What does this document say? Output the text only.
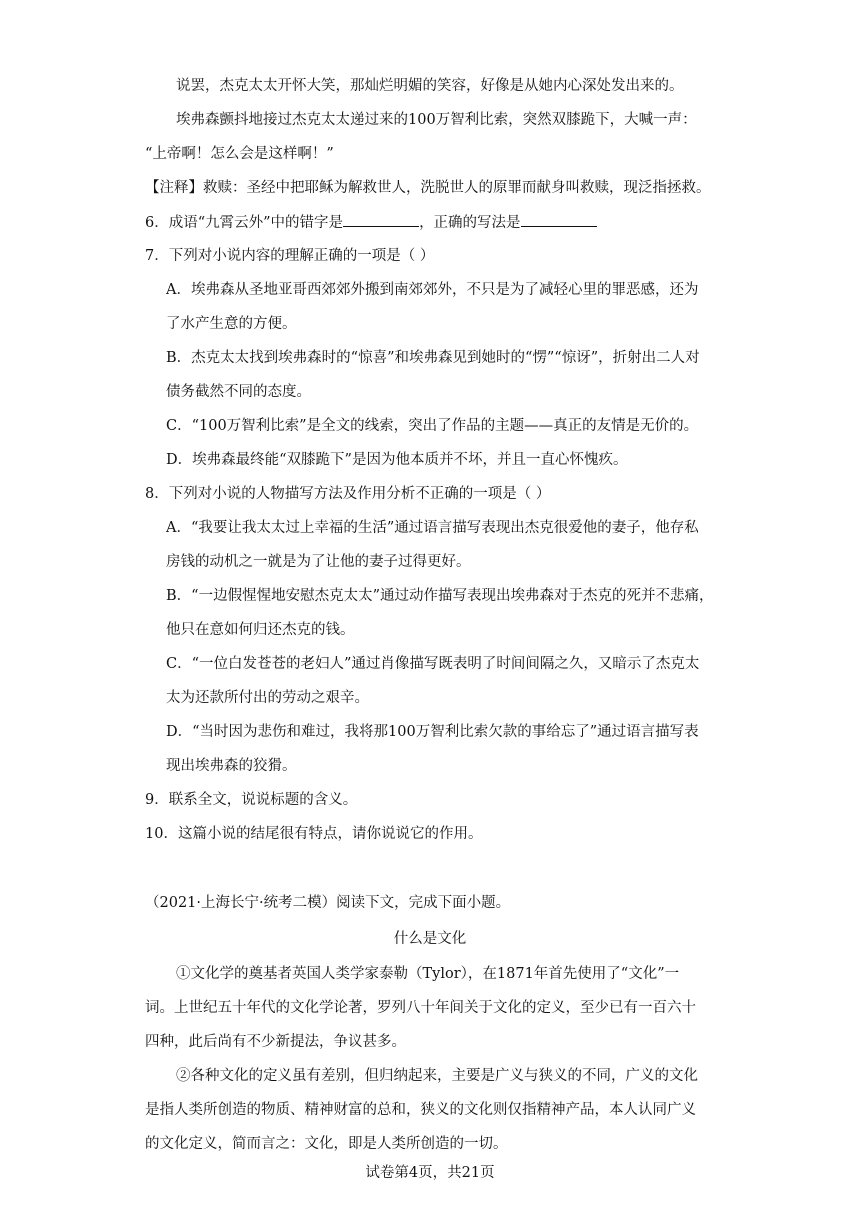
说罢，杰克太太开怀大笑，那灿烂明媚的笑容，好像是从她内心深处发出来的。
埃弗森颤抖地接过杰克太太递过来的100万智利比索，突然双膝跪下，大喊一声：
“上帝啊！怎么会是这样啊！”
【注释】救赎：圣经中把耶稣为解救世人，洗脱世人的原罪而献身叫救赎，现泛指拯救。
6．成语“九霄云外”中的错字是	，正确的写法是
7．下列对小说内容的理解正确的一项是（ ）
A．埃弗森从圣地亚哥西郊郊外搬到南郊郊外，不只是为了减轻心里的罪恶感，还为
了水产生意的方便。
B．杰克太太找到埃弗森时的“惊喜”和埃弗森见到她时的“愣”“惊讶”，折射出二人对
债务截然不同的态度。
C．“100万智利比索”是全文的线索，突出了作品的主题——真正的友情是无价的。
D．埃弗森最终能“双膝跪下”是因为他本质并不坏，并且一直心怀愧疚。
8．下列对小说的人物描写方法及作用分析不正确的一项是（ ）
A．“我要让我太太过上幸福的生活”通过语言描写表现出杰克很爱他的妻子，他存私
房钱的动机之一就是为了让他的妻子过得更好。
B．“一边假惺惺地安慰杰克太太”通过动作描写表现出埃弗森对于杰克的死并不悲痛，
他只在意如何归还杰克的钱。
C．“一位白发苍苍的老妇人”通过肖像描写既表明了时间间隔之久，又暗示了杰克太
太为还款所付出的劳动之艰辛。
D．“当时因为悲伤和难过，我将那100万智利比索欠款的事给忘了”通过语言描写表
现出埃弗森的狡猾。
9．联系全文，说说标题的含义。
10．这篇小说的结尾很有特点，请你说说它的作用。
（2021·上海长宁·统考二模）阅读下文，完成下面小题。
什么是文化
①文化学的奠基者英国人类学家泰勒（Tylor），在1871年首先使用了“文化”一
词。上世纪五十年代的文化学论著，罗列八十年间关于文化的定义，至少已有一百六十
四种，此后尚有不少新提法，争议甚多。
②各种文化的定义虽有差别，但归纳起来，主要是广义与狭义的不同，广义的文化
是指人类所创造的物质、精神财富的总和，狭义的文化则仅指精神产品，本人认同广义
的文化定义，简而言之：文化，即是人类所创造的一切。
试卷第4页，共21页
